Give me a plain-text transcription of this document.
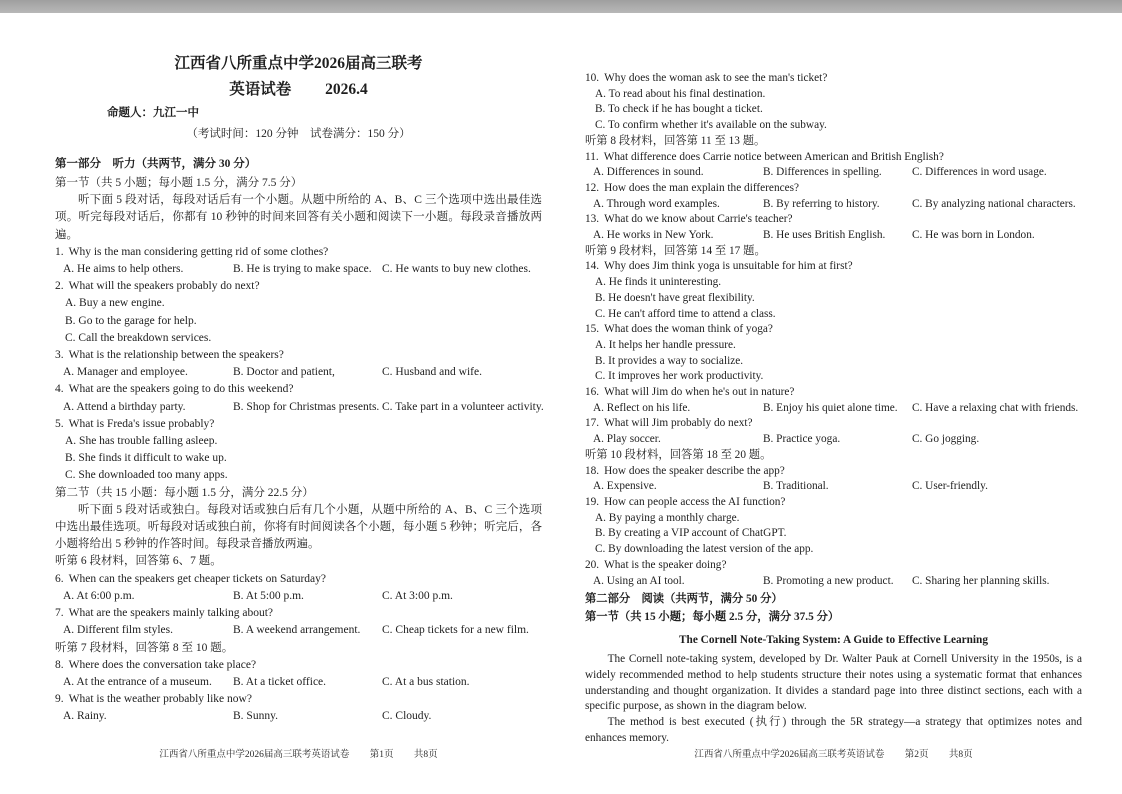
江西省八所重点中学2026届高三联考
英语试卷 2026.4
命题人：九江一中
（考试时间：120 分钟　试卷满分：150 分）
第一部分　听力（共两节，满分 30 分）
第一节（共 5 小题；每小题 1.5 分，满分 7.5 分）
听下面 5 段对话，每段对话后有一个小题。从题中所给的 A、B、C 三个选项中选出最佳选项。听完每段对话后，你都有 10 秒钟的时间来回答有关小题和阅读下一小题。每段录音播放两遍。
1. Why is the man considering getting rid of some clothes?
A. He aims to help others.	B. He is trying to make space. C. He wants to buy new clothes.
2. What will the speakers probably do next?
A. Buy a new engine.
B. Go to the garage for help.
C. Call the breakdown services.
3. What is the relationship between the speakers?
A. Manager and employee.	B. Doctor and patient,	C. Husband and wife.
4. What are the speakers going to do this weekend?
A. Attend a birthday party.	B. Shop for Christmas presents. C. Take part in a volunteer activity.
5. What is Freda's issue probably?
A. She has trouble falling asleep.
B. She finds it difficult to wake up.
C. She downloaded too many apps.
第二节（共 15 小题：每小题 1.5 分，满分 22.5 分）
听下面 5 段对话或独白。每段对话或独白后有几个小题，从题中所给的 A、B、C 三个选项中选出最佳选项。听每段对话或独白前，你将有时间阅读各个小题，每小题 5 秒钟；听完后，各小题将给出 5 秒钟的作答时间。每段录音播放两遍。
听第 6 段材料，回答第 6、7 题。
6. When can the speakers get cheaper tickets on Saturday?
A. At 6:00 p.m.	B. At 5:00 p.m.	C. At 3:00 p.m.
7. What are the speakers mainly talking about?
A. Different film styles.	B. A weekend arrangement.	C. Cheap tickets for a new film.
听第 7 段材料，回答第 8 至 10 题。
8. Where does the conversation take place?
A. At the entrance of a museum.	B. At a ticket office.	C. At a bus station.
9. What is the weather probably like now?
A. Rainy.	B. Sunny.	C. Cloudy.
10. Why does the woman ask to see the man's ticket?
A. To read about his final destination.
B. To check if he has bought a ticket.
C. To confirm whether it's available on the subway.
听第 8 段材料，回答第 11 至 13 题。
11. What difference does Carrie notice between American and British English?
A. Differences in sound.	B. Differences in spelling.	C. Differences in word usage.
12. How does the man explain the differences?
A. Through word examples.	B. By referring to history.	C. By analyzing national characters.
13. What do we know about Carrie's teacher?
A. He works in New York.	B. He uses British English.	C. He was born in London.
听第 9 段材料，回答第 14 至 17 题。
14. Why does Jim think yoga is unsuitable for him at first?
A. He finds it uninteresting.
B. He doesn't have great flexibility.
C. He can't afford time to attend a class.
15. What does the woman think of yoga?
A. It helps her handle pressure.
B. It provides a way to socialize.
C. It improves her work productivity.
16. What will Jim do when he's out in nature?
A. Reflect on his life.	B. Enjoy his quiet alone time.	C. Have a relaxing chat with friends.
17. What will Jim probably do next?
A. Play soccer.	B. Practice yoga.	C. Go jogging.
听第 10 段材料，回答第 18 至 20 题。
18. How does the speaker describe the app?
A. Expensive.	B. Traditional.	C. User-friendly.
19. How can people access the AI function?
A. By paying a monthly charge.
B. By creating a VIP account of ChatGPT.
C. By downloading the latest version of the app.
20. What is the speaker doing?
A. Using an AI tool.	B. Promoting a new product.	C. Sharing her planning skills.
第二部分　阅读（共两节，满分 50 分）
第一节（共 15 小题；每小题 2.5 分，满分 37.5 分）
The Cornell Note-Taking System: A Guide to Effective Learning
The Cornell note-taking system, developed by Dr. Walter Pauk at Cornell University in the 1950s, is a widely recommended method to help students structure their notes using a systematic format that enhances understanding and thought organization. It divides a standard page into three distinct sections, each with a specific purpose, as shown in the diagram below.
The method is best executed (执行) through the 5R strategy—a strategy that optimizes notes and enhances memory.
江西省八所重点中学2026届高三联考英语试卷 第1页 共8页	江西省八所重点中学2026届高三联考英语试卷 第2页 共8页
